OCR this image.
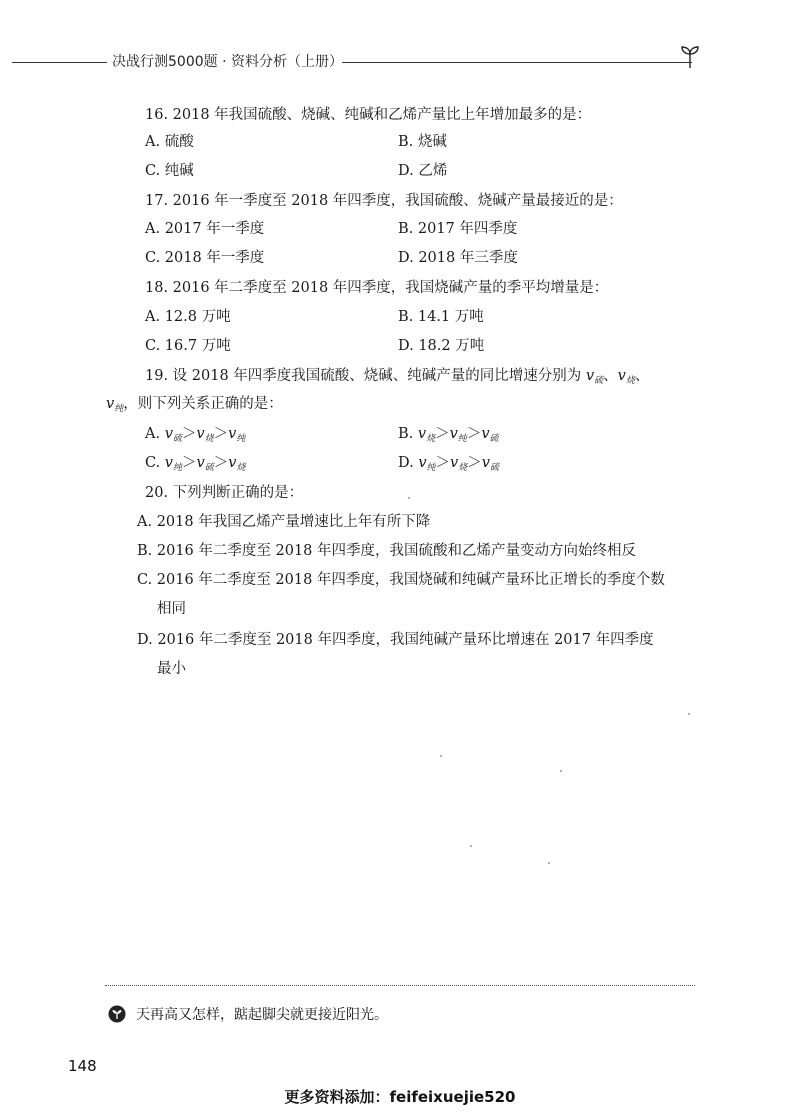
决战行测5000题 · 资料分析（上册）
16. 2018 年我国硫酸、烧碱、纯碱和乙烯产量比上年增加最多的是：
A. 硫酸	B. 烧碱
C. 纯碱	D. 乙烯
17. 2016 年一季度至 2018 年四季度，我国硫酸、烧碱产量最接近的是：
A. 2017 年一季度	B. 2017 年四季度
C. 2018 年一季度	D. 2018 年三季度
18. 2016 年二季度至 2018 年四季度，我国烧碱产量的季平均增量是：
A. 12.8 万吨	B. 14.1 万吨
C. 16.7 万吨	D. 18.2 万吨
19. 设 2018 年四季度我国硫酸、烧碱、纯碱产量的同比增速分别为 $v_硫$、$v_烧$、
$v_纯$，则下列关系正确的是：
A. $v_硫>v_烧>v_纯$	B. $v_烧>v_纯>v_硫$
C. $v_纯>v_硫>v_烧$	D. $v_纯>v_烧>v_硫$
20. 下列判断正确的是：
A. 2018 年我国乙烯产量增速比上年有所下降
B. 2016 年二季度至 2018 年四季度，我国硫酸和乙烯产量变动方向始终相反
C. 2016 年二季度至 2018 年四季度，我国烧碱和纯碱产量环比正增长的季度个数
相同
D. 2016 年二季度至 2018 年四季度，我国纯碱产量环比增速在 2017 年四季度
最小
天再高又怎样，踮起脚尖就更接近阳光。
148
更多资料添加：feifeixuejie520
